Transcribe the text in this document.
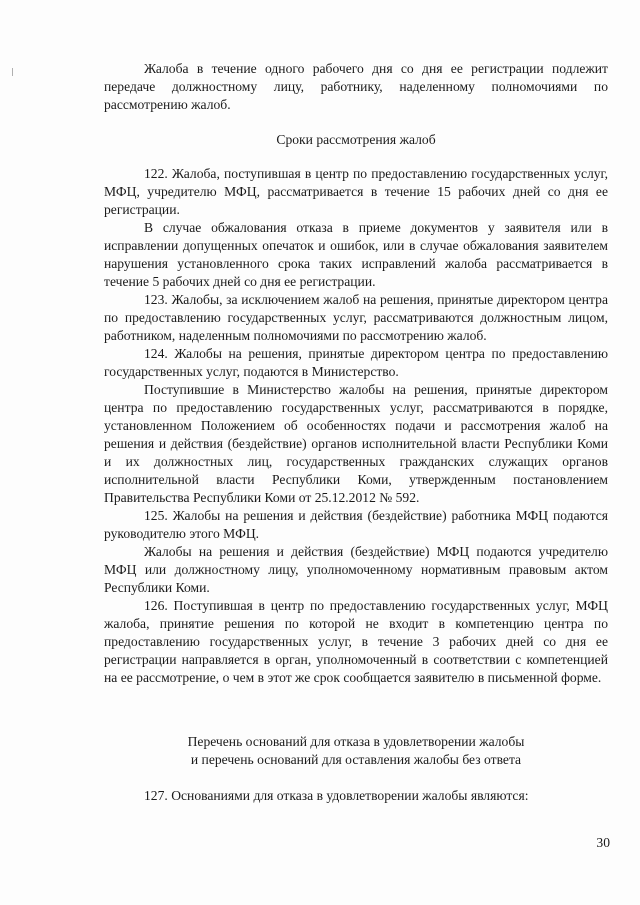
Жалоба в течение одного рабочего дня со дня ее регистрации подлежит передаче должностному лицу, работнику, наделенному полномочиями по рассмотрению жалоб.

Сроки рассмотрения жалоб

122. Жалоба, поступившая в центр по предоставлению государственных услуг, МФЦ, учредителю МФЦ, рассматривается в течение 15 рабочих дней со дня ее регистрации.

В случае обжалования отказа в приеме документов у заявителя или в исправлении допущенных опечаток и ошибок, или в случае обжалования заявителем нарушения установленного срока таких исправлений жалоба рассматривается в течение 5 рабочих дней со дня ее регистрации.

123. Жалобы, за исключением жалоб на решения, принятые директором центра по предоставлению государственных услуг, рассматриваются должностным лицом, работником, наделенным полномочиями по рассмотрению жалоб.

124. Жалобы на решения, принятые директором центра по предоставлению государственных услуг, подаются в Министерство.

Поступившие в Министерство жалобы на решения, принятые директором центра по предоставлению государственных услуг, рассматриваются в порядке, установленном Положением об особенностях подачи и рассмотрения жалоб на решения и действия (бездействие) органов исполнительной власти Республики Коми и их должностных лиц, государственных гражданских служащих органов исполнительной власти Республики Коми, утвержденным постановлением Правительства Республики Коми от 25.12.2012 № 592.

125. Жалобы на решения и действия (бездействие) работника МФЦ подаются руководителю этого МФЦ.

Жалобы на решения и действия (бездействие) МФЦ подаются учредителю МФЦ или должностному лицу, уполномоченному нормативным правовым актом Республики Коми.

126. Поступившая в центр по предоставлению государственных услуг, МФЦ жалоба, принятие решения по которой не входит в компетенцию центра по предоставлению государственных услуг, в течение 3 рабочих дней со дня ее регистрации направляется в орган, уполномоченный в соответствии с компетенцией на ее рассмотрение, о чем в этот же срок сообщается заявителю в письменной форме.

Перечень оснований для отказа в удовлетворении жалобы

и перечень оснований для оставления жалобы без ответа

127. Основаниями для отказа в удовлетворении жалобы являются:

30
